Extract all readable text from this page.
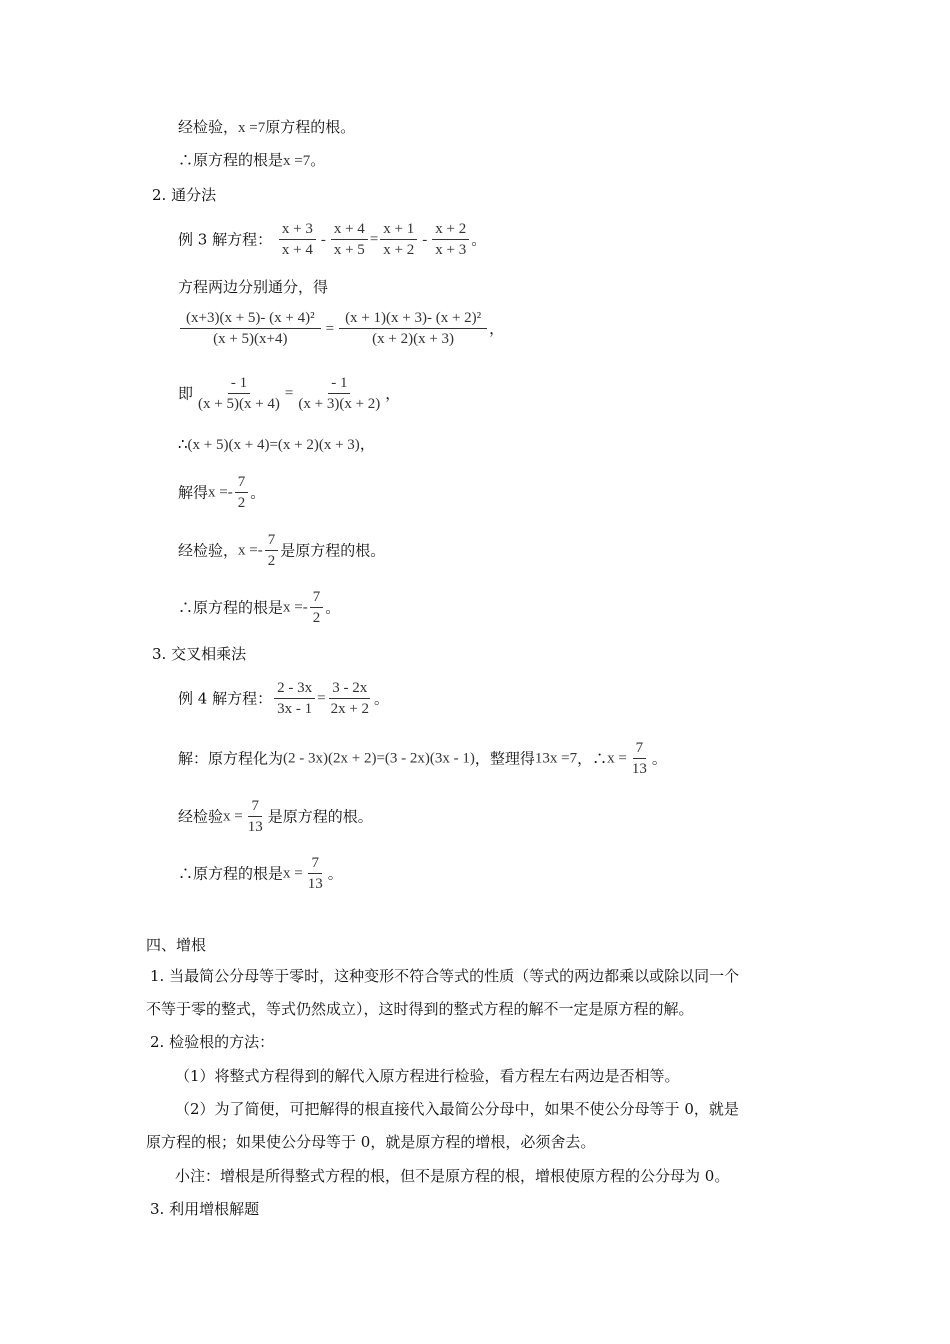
经检验，x =7原方程的根。
∴原方程的根是x =7。
2. 通分法
例 3 解方程： $\frac{x + 3}{x + 4} - \frac{x + 4}{x + 5} = \frac{x + 1}{x + 2} - \frac{x + 2}{x + 3}$ 。
方程两边分别通分，得
$\frac{\text{(x+3)(x + 5)- (x + 4)²}}{(x + 5)(x+4)} = \frac{\text{(x + 1)(x + 3)- (x + 2)²}}{(x + 2)(x + 3)}$ ，
即 $\frac{- 1}{(x + 5)(x + 4)} = \frac{- 1}{(x + 3)(x + 2)}$ ，
∴(x + 5)(x + 4)=(x + 2)(x + 3)，
解得$x =- \frac{7}{2}$ 。
经检验，$x =- \frac{7}{2}$ 是原方程的根。
∴原方程的根是$x =- \frac{7}{2}$ 。
3. 交叉相乘法
例 4 解方程： $\frac{2 - 3x}{3x - 1} = \frac{3 - 2x}{2x + 2}$ 。
解：原方程化为(2 - 3x)(2x + 2)=(3 - 2x)(3x - 1)，整理得13x =7，∴x = $\frac{7}{13}$ 。
经检验$x = \frac{7}{13}$ 是原方程的根。
∴原方程的根是$x = \frac{7}{13}$ 。
四、增根
1. 当最简公分母等于零时，这种变形不符合等式的性质（等式的两边都乘以或除以同一个
不等于零的整式，等式仍然成立），这时得到的整式方程的解不一定是原方程的解。
2. 检验根的方法：
（1）将整式方程得到的解代入原方程进行检验，看方程左右两边是否相等。
（2）为了简便，可把解得的根直接代入最简公分母中，如果不使公分母等于 0，就是
原方程的根；如果使公分母等于 0，就是原方程的增根，必须舍去。
小注：增根是所得整式方程的根，但不是原方程的根，增根使原方程的公分母为 0。
3. 利用增根解题
